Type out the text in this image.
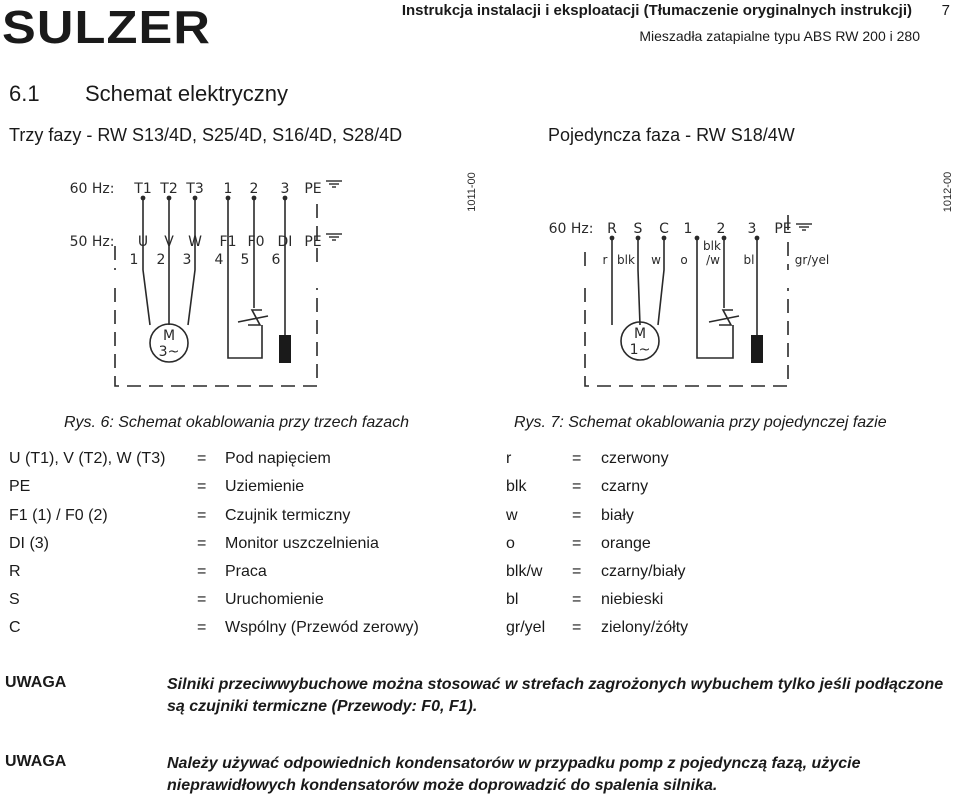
SULZER	Instrukcja instalacji i eksploatacji (Tłumaczenie oryginalnych instrukcji) 7
Mieszadła zatapialne typu ABS RW 200 i 280
6.1 Schemat elektryczny
Trzy fazy - RW S13/4D, S25/4D, S16/4D, S28/4D	Pojedyncza faza - RW S18/4W
60 Hz: T1 T2 T3 1 2 3 PE
50 Hz: U V W F1 F0 DI PE
1 2 3 4 5 6
M
3~
1011-00
60 Hz: R S C 1 2 3 PE
r blk w o
blk
/w bl	gr/yel
M
1~
1012-00
Rys. 6: Schemat okablowania przy trzech fazach	Rys. 7: Schemat okablowania przy pojedynczej fazie
U (T1), V (T2), W (T3) = Pod napięciem
PE	= Uziemienie
F1 (1) / F0 (2)	= Czujnik termiczny
DI (3)	= Monitor uszczelnienia
R	= Praca
S	= Uruchomienie
C	= Wspólny (Przewód zerowy)
r	= czerwony
blk	= czarny
w	= biały
o	= orange
blk/w = czarny/biały
bl	= niebieski
gr/yel = zielony/żółty
UWAGA	Silniki przeciwwybuchowe można stosować w strefach zagrożonych wybuchem tylko jeśli podłączone są czujniki termiczne (Przewody: F0, F1).
UWAGA	Należy używać odpowiednich kondensatorów w przypadku pomp z pojedynczą fazą, użycie nieprawidłowych kondensatorów może doprowadzić do spalenia silnika.
